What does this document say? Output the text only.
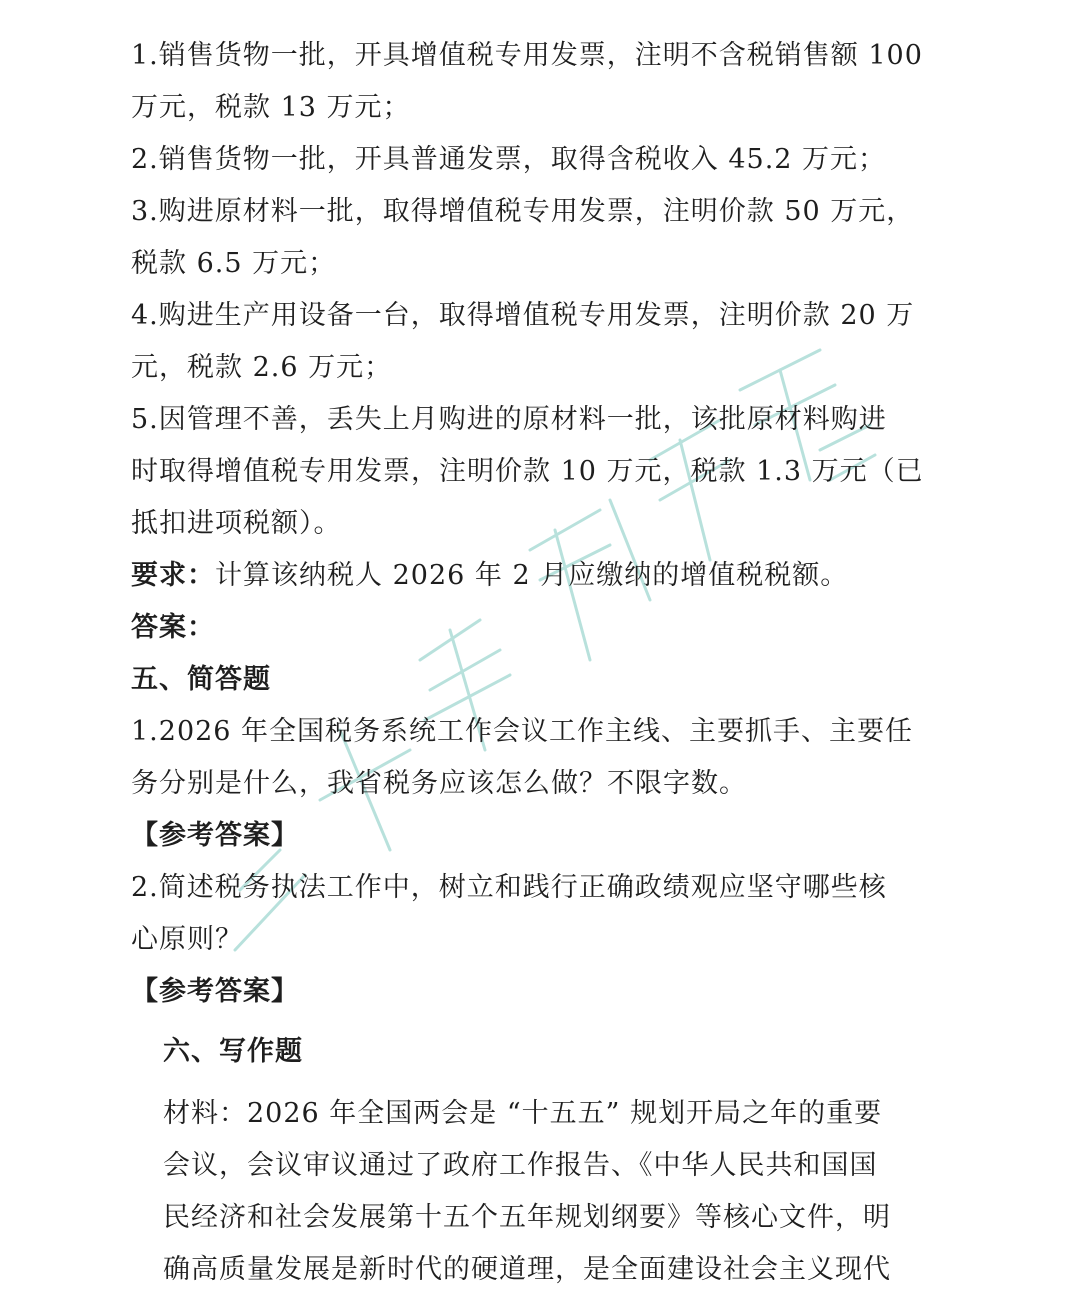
1.销售货物一批，开具增值税专用发票，注明不含税销售额 100
万元，税款 13 万元；
2.销售货物一批，开具普通发票，取得含税收入 45.2 万元；
3.购进原材料一批，取得增值税专用发票，注明价款 50 万元，
税款 6.5 万元；
4.购进生产用设备一台，取得增值税专用发票，注明价款 20 万
元，税款 2.6 万元；
5.因管理不善，丢失上月购进的原材料一批，该批原材料购进
时取得增值税专用发票，注明价款 10 万元，税款 1.3 万元（已
抵扣进项税额）。
要求：计算该纳税人 2026 年 2 月应缴纳的增值税税额。
答案：
五、简答题
1.2026 年全国税务系统工作会议工作主线、主要抓手、主要任
务分别是什么，我省税务应该怎么做？不限字数。
【参考答案】
2.简述税务执法工作中，树立和践行正确政绩观应坚守哪些核
心原则？
【参考答案】
六、写作题
材料：2026 年全国两会是 “十五五” 规划开局之年的重要
会议，会议审议通过了政府工作报告、《中华人民共和国国
民经济和社会发展第十五个五年规划纲要》等核心文件，明
确高质量发展是新时代的硬道理，是全面建设社会主义现代
